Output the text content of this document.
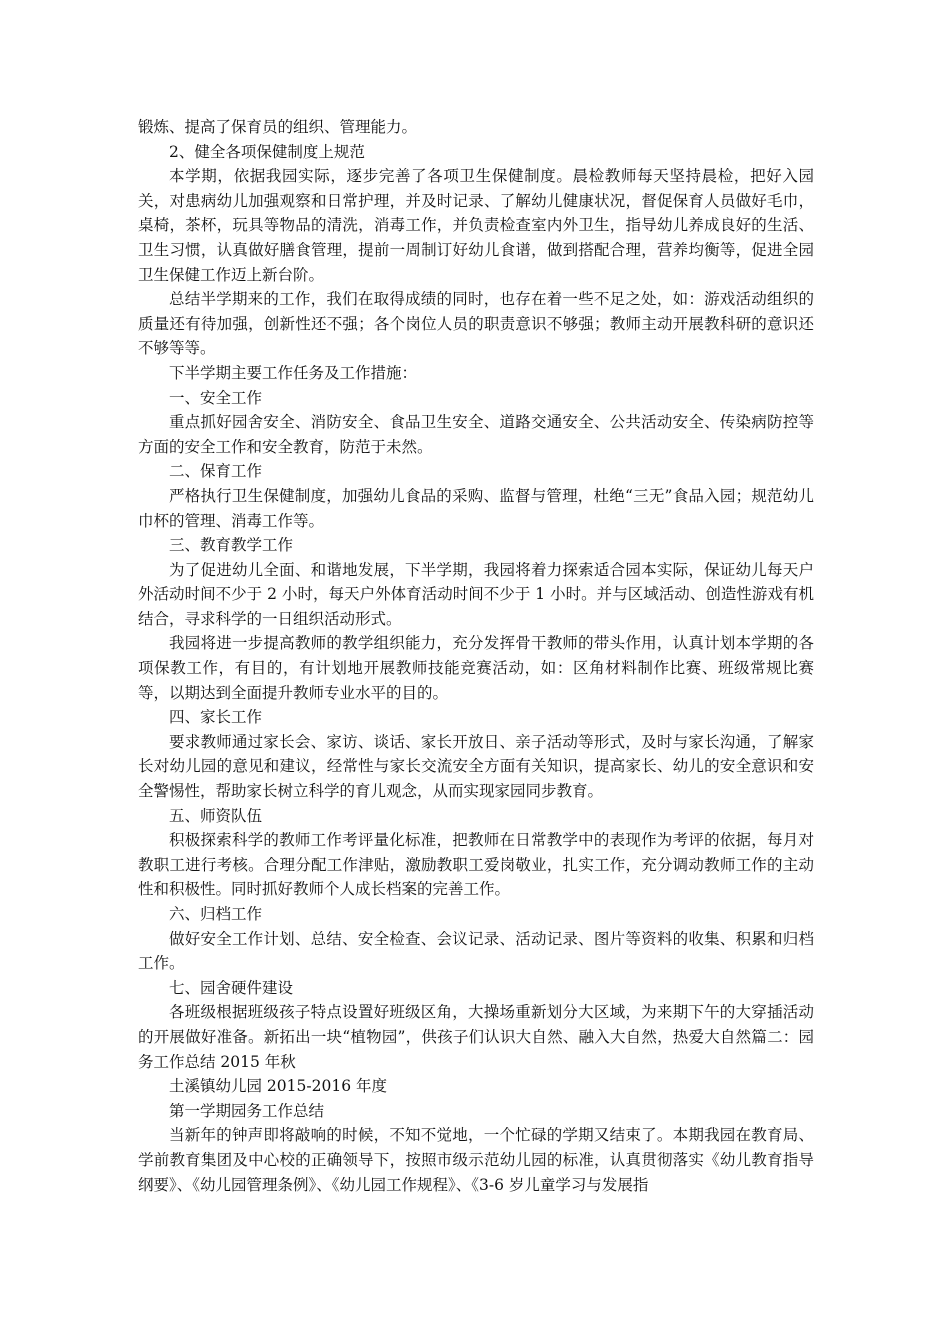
锻炼、提高了保育员的组织、管理能力。

2、健全各项保健制度上规范

本学期，依据我园实际，逐步完善了各项卫生保健制度。晨检教师每天坚持晨检，把好入园关，对患病幼儿加强观察和日常护理，并及时记录、了解幼儿健康状况，督促保育人员做好毛巾，桌椅，茶杯，玩具等物品的清洗，消毒工作，并负责检查室内外卫生，指导幼儿养成良好的生活、卫生习惯，认真做好膳食管理，提前一周制订好幼儿食谱，做到搭配合理，营养均衡等，促进全园卫生保健工作迈上新台阶。

总结半学期来的工作，我们在取得成绩的同时，也存在着一些不足之处，如：游戏活动组织的质量还有待加强，创新性还不强；各个岗位人员的职责意识不够强；教师主动开展教科研的意识还不够等等。

下半学期主要工作任务及工作措施：

一、安全工作

重点抓好园舍安全、消防安全、食品卫生安全、道路交通安全、公共活动安全、传染病防控等方面的安全工作和安全教育，防范于未然。

二、保育工作

严格执行卫生保健制度，加强幼儿食品的采购、监督与管理，杜绝“三无”食品入园；规范幼儿巾杯的管理、消毒工作等。

三、教育教学工作

为了促进幼儿全面、和谐地发展，下半学期，我园将着力探索适合园本实际，保证幼儿每天户外活动时间不少于 2 小时，每天户外体育活动时间不少于 1 小时。并与区域活动、创造性游戏有机结合，寻求科学的一日组织活动形式。

我园将进一步提高教师的教学组织能力，充分发挥骨干教师的带头作用，认真计划本学期的各项保教工作，有目的，有计划地开展教师技能竞赛活动，如：区角材料制作比赛、班级常规比赛等，以期达到全面提升教师专业水平的目的。

四、家长工作

要求教师通过家长会、家访、谈话、家长开放日、亲子活动等形式，及时与家长沟通，了解家长对幼儿园的意见和建议，经常性与家长交流安全方面有关知识，提高家长、幼儿的安全意识和安全警惕性，帮助家长树立科学的育儿观念，从而实现家园同步教育。

五、师资队伍

积极探索科学的教师工作考评量化标准，把教师在日常教学中的表现作为考评的依据，每月对教职工进行考核。合理分配工作津贴，激励教职工爱岗敬业，扎实工作，充分调动教师工作的主动性和积极性。同时抓好教师个人成长档案的完善工作。

六、归档工作

做好安全工作计划、总结、安全检查、会议记录、活动记录、图片等资料的收集、积累和归档工作。

七、园舍硬件建设

各班级根据班级孩子特点设置好班级区角，大操场重新划分大区域，为来期下午的大穿插活动的开展做好准备。新拓出一块“植物园”，供孩子们认识大自然、融入大自然，热爱大自然篇二：园务工作总结 2015 年秋

土溪镇幼儿园 2015-2016 年度

第一学期园务工作总结

当新年的钟声即将敲响的时候，不知不觉地，一个忙碌的学期又结束了。本期我园在教育局、学前教育集团及中心校的正确领导下，按照市级示范幼儿园的标准，认真贯彻落实《幼儿教育指导纲要》、《幼儿园管理条例》、《幼儿园工作规程》、《3-6 岁儿童学习与发展指
